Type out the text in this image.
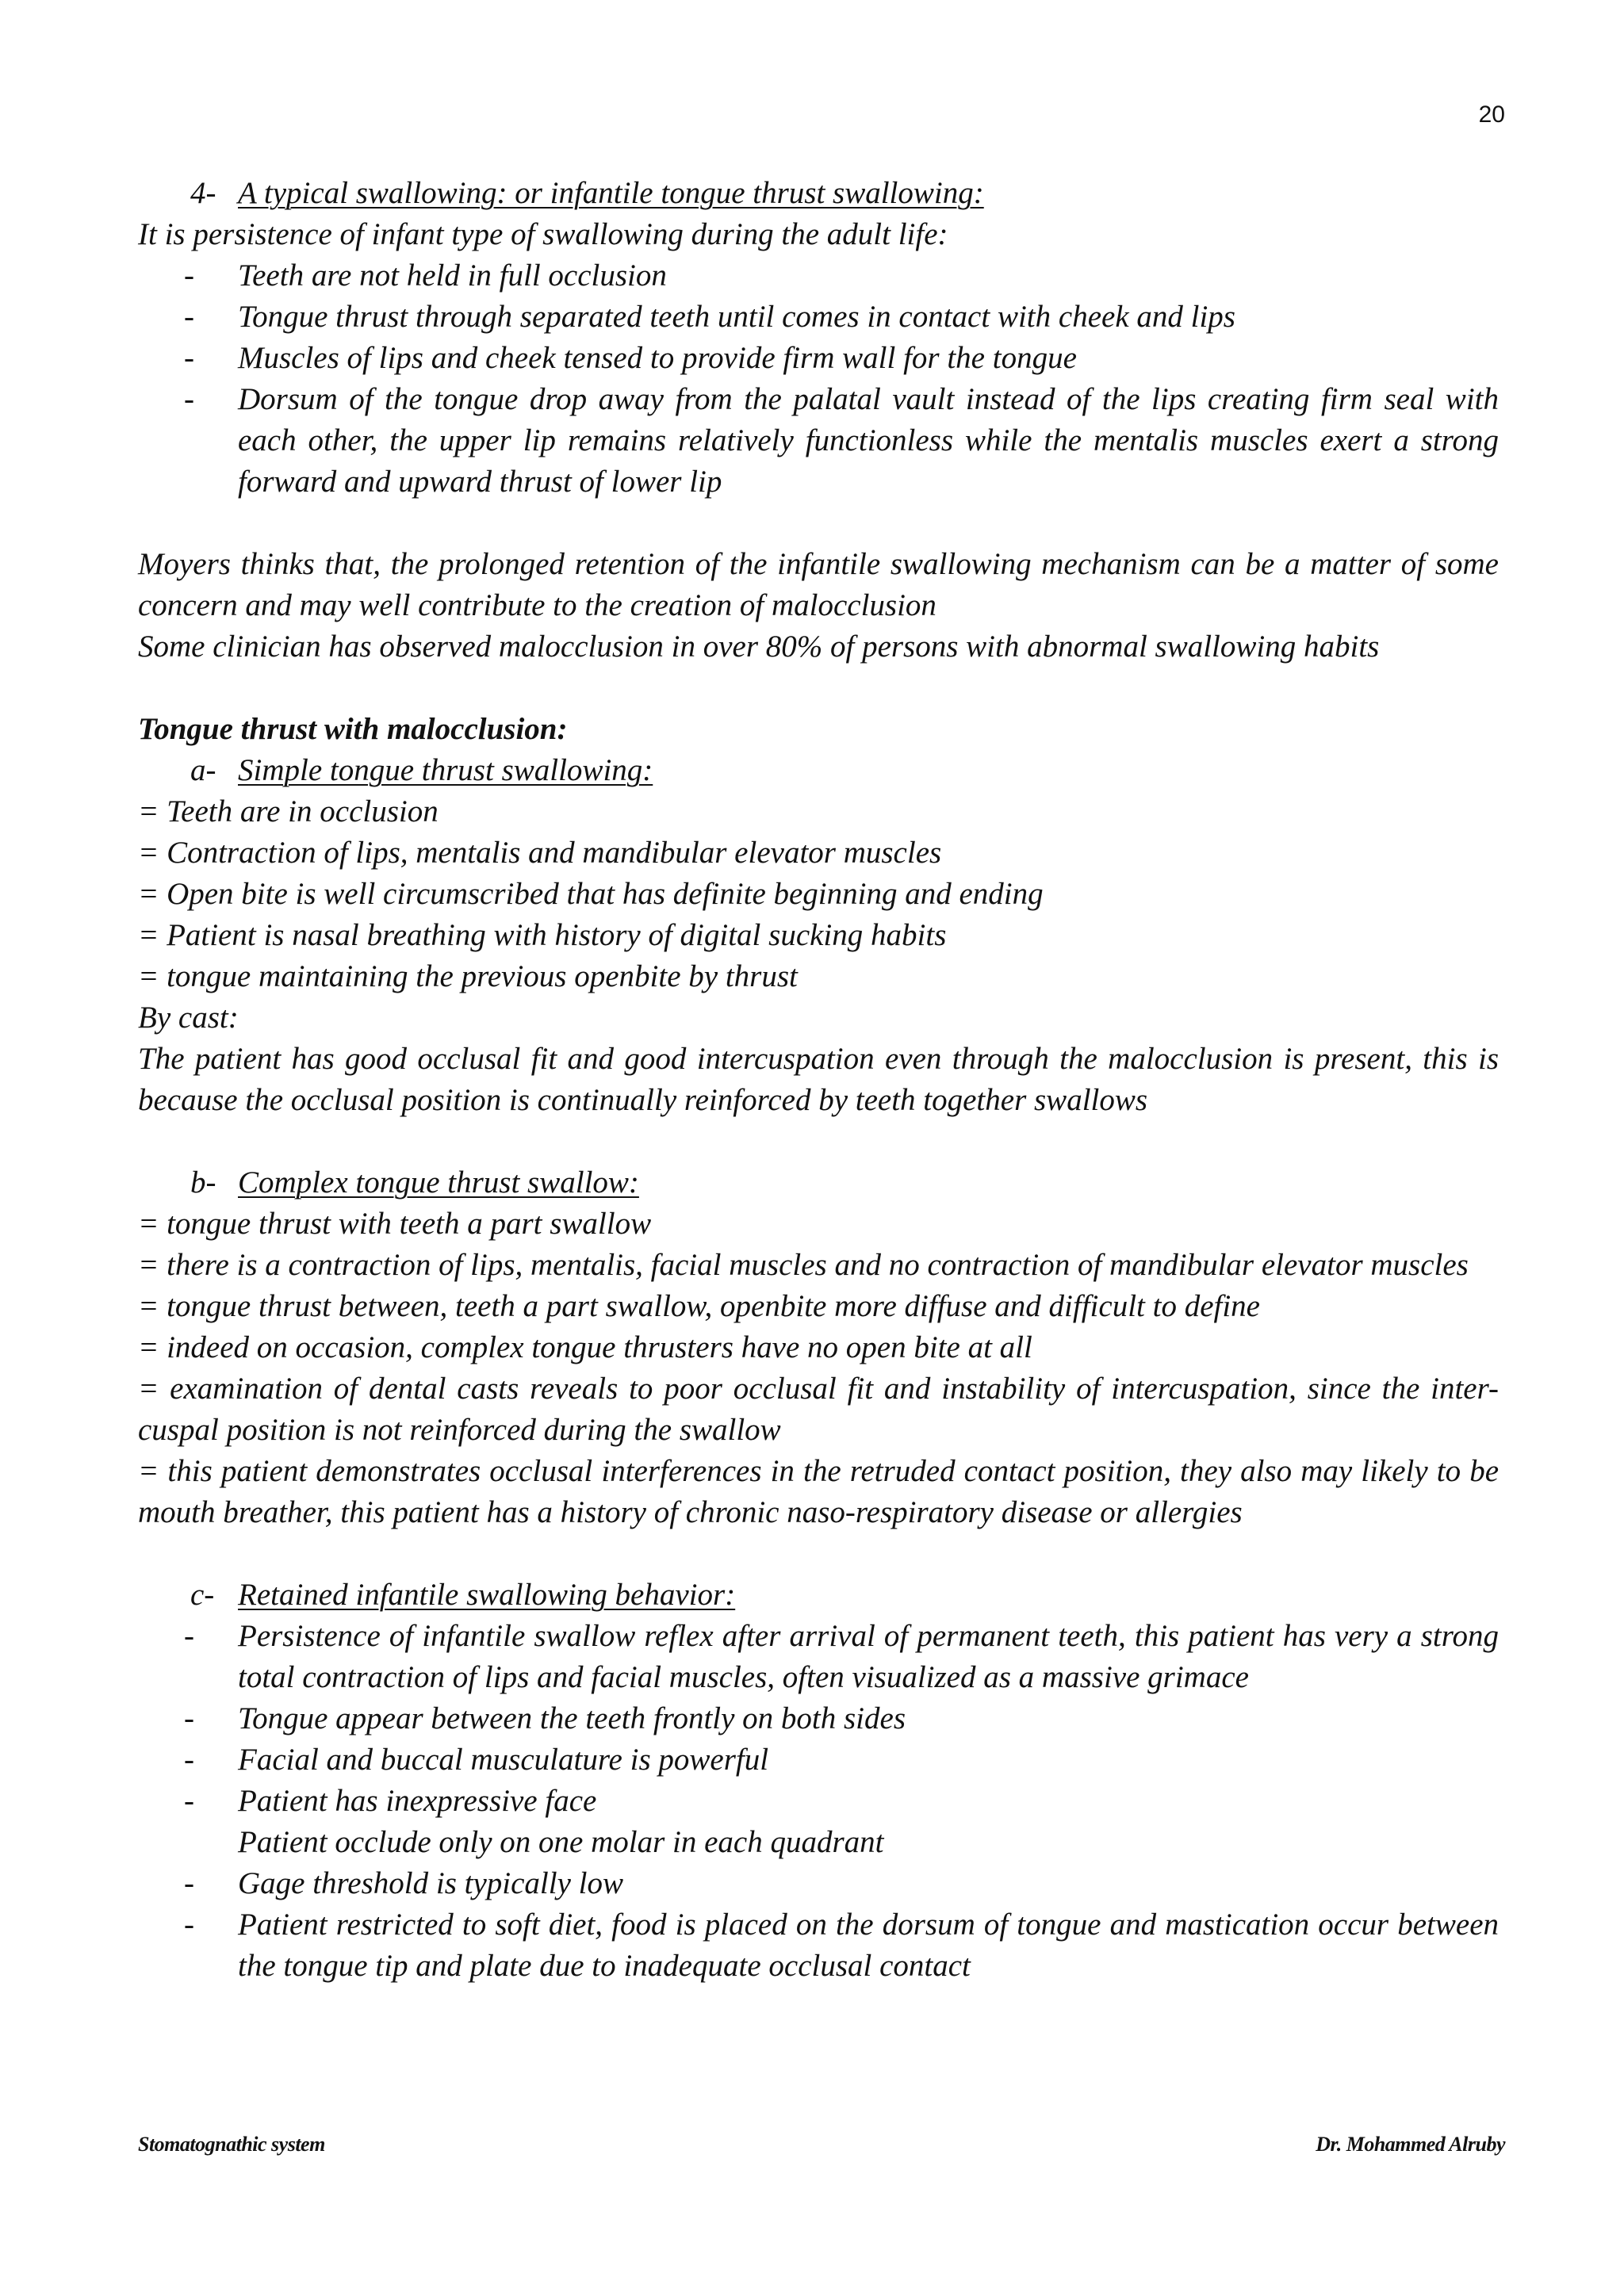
20
4- A typical swallowing: or infantile tongue thrust swallowing:

It is persistence of infant type of swallowing during the adult life:

-	Teeth are not held in full occlusion
-	Tongue thrust through separated teeth until comes in contact with cheek and lips
-	Muscles of lips and cheek tensed to provide firm wall for the tongue
-	Dorsum of the tongue drop away from the palatal vault instead of the lips creating firm seal with each other, the upper lip remains relatively functionless while the mentalis muscles exert a strong forward and upward thrust of lower lip

Moyers thinks that, the prolonged retention of the infantile swallowing mechanism can be a matter of some concern and may well contribute to the creation of malocclusion

Some clinician has observed malocclusion in over 80% of persons with abnormal swallowing habits

Tongue thrust with malocclusion:

a- Simple tongue thrust swallowing:

= Teeth are in occlusion

= Contraction of lips, mentalis and mandibular elevator muscles

= Open bite is well circumscribed that has definite beginning and ending

= Patient is nasal breathing with history of digital sucking habits

= tongue maintaining the previous openbite by thrust

By cast:

The patient has good occlusal fit and good intercuspation even through the malocclusion is present, this is because the occlusal position is continually reinforced by teeth together swallows

b- Complex tongue thrust swallow:

= tongue thrust with teeth a part swallow

= there is a contraction of lips, mentalis, facial muscles and no contraction of mandibular elevator muscles

= tongue thrust between, teeth a part swallow, openbite more diffuse and difficult to define

= indeed on occasion, complex tongue thrusters have no open bite at all

= examination of dental casts reveals to poor occlusal fit and instability of intercuspation, since the inter-cuspal position is not reinforced during the swallow

= this patient demonstrates occlusal interferences in the retruded contact position, they also may likely to be mouth breather, this patient has a history of chronic naso-respiratory disease or allergies

c- Retained infantile swallowing behavior:
-	Persistence of infantile swallow reflex after arrival of permanent teeth, this patient has very a strong total contraction of lips and facial muscles, often visualized as a massive grimace
-	Tongue appear between the teeth frontly on both sides
-	Facial and buccal musculature is powerful
-	Patient has inexpressive face
Patient occlude only on one molar in each quadrant
-	Gage threshold is typically low
-	Patient restricted to soft diet, food is placed on the dorsum of tongue and mastication occur between the tongue tip and plate due to inadequate occlusal contact
Stomatognathic system	Dr. Mohammed Alruby
